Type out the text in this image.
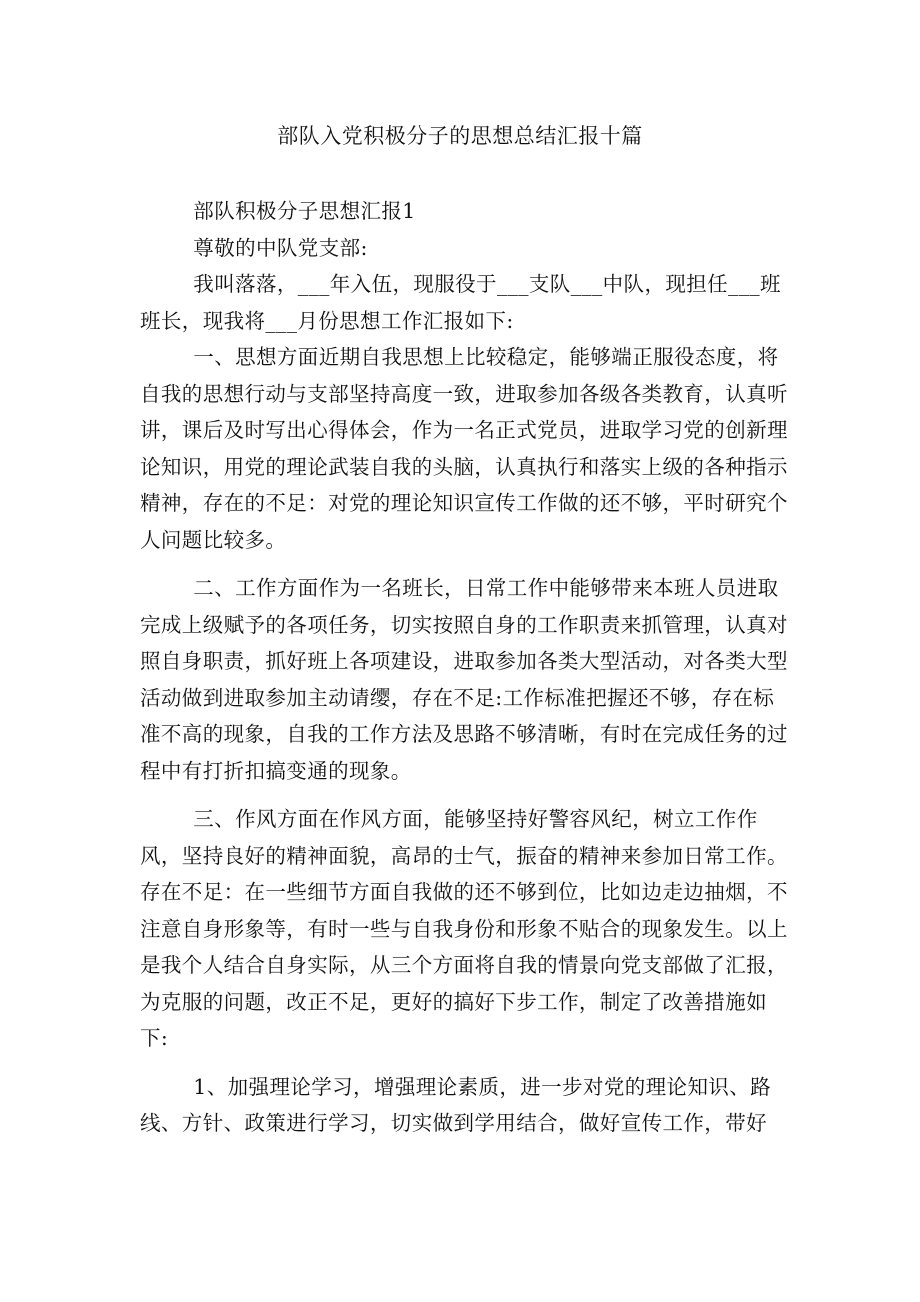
部队入党积极分子的思想总结汇报十篇

部队积极分子思想汇报1

尊敬的中队党支部:

我叫落落，___年入伍，现服役于___支队___中队，现担任___班班长，现我将___月份思想工作汇报如下:

一、思想方面近期自我思想上比较稳定，能够端正服役态度，将自我的思想行动与支部坚持高度一致，进取参加各级各类教育，认真听讲，课后及时写出心得体会，作为一名正式党员，进取学习党的创新理论知识，用党的理论武装自我的头脑，认真执行和落实上级的各种指示精神，存在的不足：对党的理论知识宣传工作做的还不够，平时研究个人问题比较多。

二、工作方面作为一名班长，日常工作中能够带来本班人员进取完成上级赋予的各项任务，切实按照自身的工作职责来抓管理，认真对照自身职责，抓好班上各项建设，进取参加各类大型活动，对各类大型活动做到进取参加主动请缨，存在不足:工作标准把握还不够，存在标准不高的现象，自我的工作方法及思路不够清晰，有时在完成任务的过程中有打折扣搞变通的现象。

三、作风方面在作风方面，能够坚持好警容风纪，树立工作作风，坚持良好的精神面貌，高昂的士气，振奋的精神来参加日常工作。存在不足：在一些细节方面自我做的还不够到位，比如边走边抽烟，不注意自身形象等，有时一些与自我身份和形象不贴合的现象发生。以上是我个人结合自身实际，从三个方面将自我的情景向党支部做了汇报，为克服的问题，改正不足，更好的搞好下步工作，制定了改善措施如下:

1、加强理论学习，增强理论素质，进一步对党的理论知识、路线、方针、政策进行学习，切实做到学用结合，做好宣传工作，带好
